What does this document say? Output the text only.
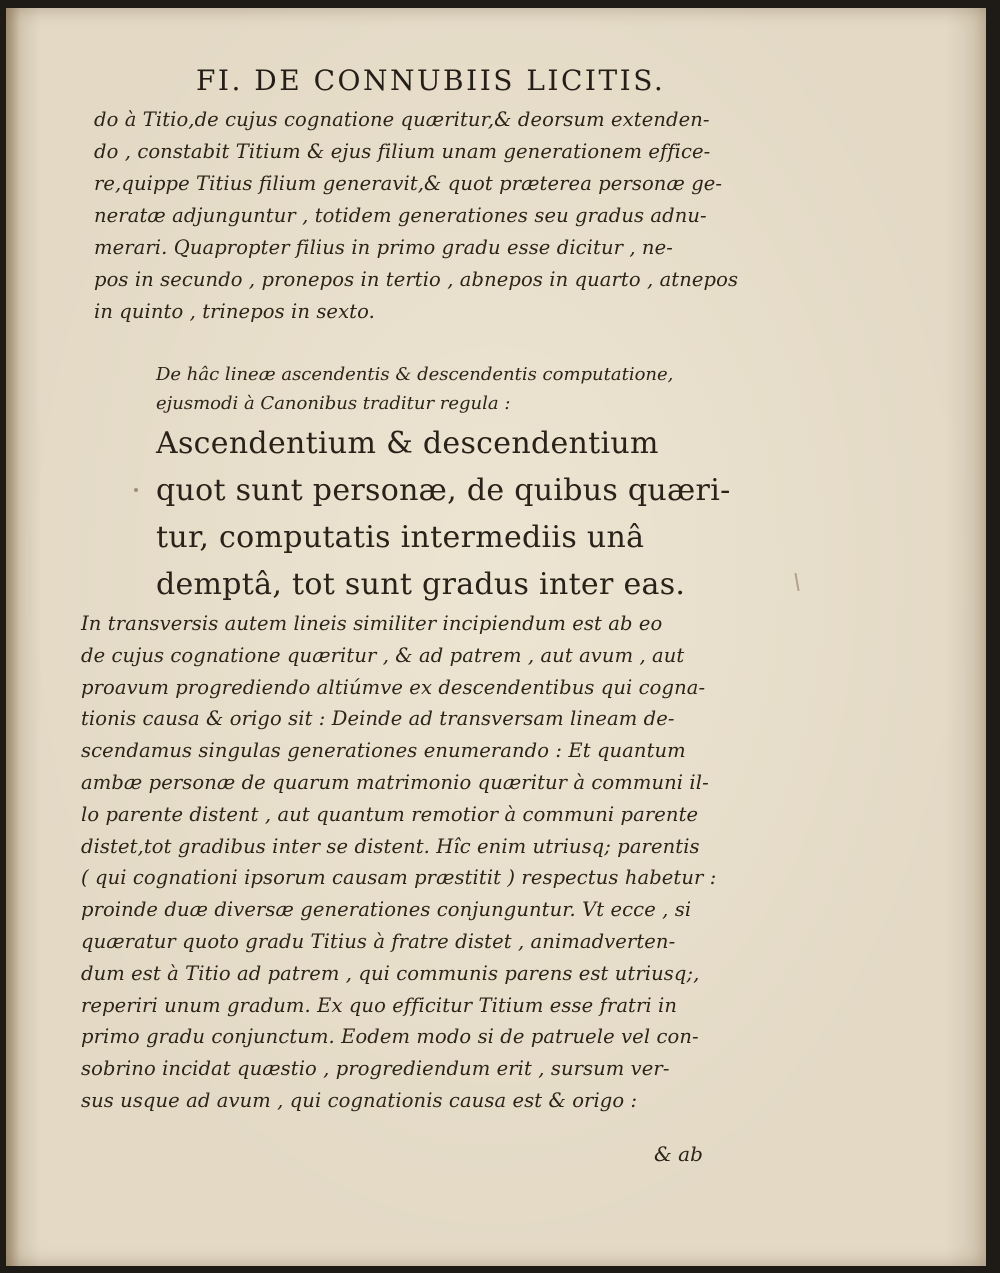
FI. DE CONNUBIIS LICITIS.
do à Titio,de cujus cognatione quæritur,& deorsum extenden-
do , constabit Titium & ejus filium unam generationem effice-
re,quippe Titius filium generavit,& quot præterea personæ ge-
neratæ adjunguntur , totidem generationes seu gradus adnu-
merari. Quapropter filius in primo gradu esse dicitur , ne-
pos in secundo , pronepos in tertio , abnepos in quarto , atnepos
in quinto , trinepos in sexto.
De hâc lineæ ascendentis & descendentis computatione,
ejusmodi à Canonibus traditur regula :
Ascendentium & descendentium
quot sunt personæ, de quibus quæri-
tur, computatis intermediis unâ
demptâ, tot sunt gradus inter eas.
In transversis autem lineis similiter incipiendum est ab eo
de cujus cognatione quæritur , & ad patrem , aut avum , aut
proavum progrediendo altiúmve ex descendentibus qui cogna-
tionis causa & origo sit : Deinde ad transversam lineam de-
scendamus singulas generationes enumerando : Et quantum
ambæ personæ de quarum matrimonio quæritur à communi il-
lo parente distent , aut quantum remotior à communi parente
distet,tot gradibus inter se distent. Hîc enim utriusq; parentis
( qui cognationi ipsorum causam præstitit ) respectus habetur :
proinde duæ diversæ generationes conjunguntur. Vt ecce , si
quæratur quoto gradu Titius à fratre distet , animadverten-
dum est à Titio ad patrem , qui communis parens est utriusq;,
reperiri unum gradum. Ex quo efficitur Titium esse fratri in
primo gradu conjunctum. Eodem modo si de patruele vel con-
sobrino incidat quæstio , progrediendum erit , sursum ver-
sus usque ad avum , qui cognationis causa est & origo :
& ab
